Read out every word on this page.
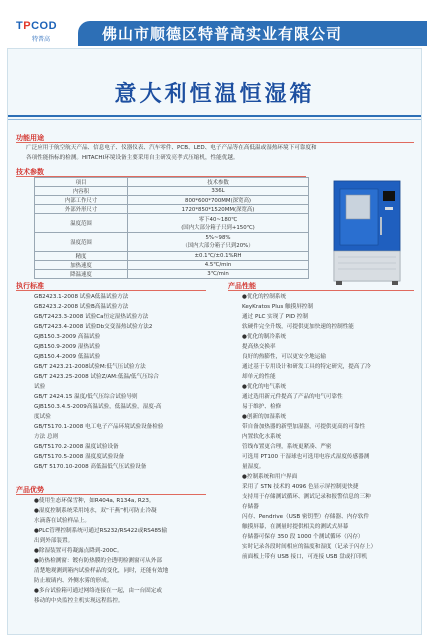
TPCOD
特普高	佛山市顺德区特普高实业有限公司
意大利恒温恒湿箱
功能用途
广泛应用于航空航天产品、信息电子、仪器仪表、汽车零件、PCB、LED、电子产品等在高低温或湿热环境下可靠度和
各项性能指标的检测。HITACHI环境设备主要采用自主研发亮孝式压缩机，性能优越。
技术参数
项目	技术参数
内容积	336L
内部工作尺寸	800*600*700MM(深宽高)
外部外形尺寸	1720*850*1520MM(深宽高)
温度范围	零下40~180℃
(国内大部分箱子只到+150℃)

湿度范围	5%~98%
（国内大部分箱子只到20%）

精度	±0.1℃/±0.1%RH
加热速度	4.5℃/min
降温速度	3℃/min
执行标准
GB2423.1-2008 试验A低温试验方法
GB2423.2-2008 试验B高温试验方法
GB/T2423.3-2008 试验Ca恒定湿热试验方法
GB/T2423.4-2008 试验Db交变湿热试验方法2
GJB150.3-2009 高温试验
GJB150.9-2009 湿热试验
GJB150.4-2009 低温试验
GB/T 2423.21-2008试验M:低气压试验方法
GB/T 2423.25-2008 试验Z/AM:低温/低气压综合
试验
GB/T 2424.15 温度/低气压综合试验导则
GJB150.3.4.5-2009高温试验，低温试验，湿度-高
度试验
GB/T5170.1-2008 电工电子产品环境试验设备检验
方法 总则
GB/T5170.2-2008 温度试验设备
GB/T5170.5-2008 湿度度试验设备
GB/T 5170.10-2008 高低温低气压试验设备
产品优势
●使用生态环保雪种，如R404a, R134a, R23。
●湿度控制系统采用纯水，双“干燕”机可防止冷凝
水滴落在试验样品上。
●PLC管理控制系统可通过RS232/RS422或RS485输
出到外部装置。
●除湿装置可将凝露点降到-200C。
●防热检测窗：镀有防热膜的全透明检测窗可从外部
清楚地观测到箱内试验样品的变化，同时，还能有效地
防止玻璃内、外侧水雾的形成。
●多台试验箱可通过网络连接在一起，由一台固定或
移动的中央监控主机实现远程监控。
产品性能
●优化的控制系统
KeyKratos Plus 触摸屏控制
通过 PLC 实现了 PID 控制
软硬件完全升级，可提供更加快速的控制性能
●优化的制冷系统
提高热交换率
良好的热膨性，可以更安全地运输
通过基于专用设计和研发工具的特定研究，提高了冷
却单元的性能
●优化的电气系统
通过选用新元件提高了产品的电气可靠性
易于维护、检修
●创新的加湿系统
带自备加热器的新型加湿器，可提供更高的可靠性
内置软化水系统
管线布置更合理，系统更紧凑、严密
可选用 PT100 干湿球也可选用电容式湿度传感器测
量湿度。
●控制系统和用户界面
采用了 STN 技术的 4096 色显示屏控制更快捷
支持用于存储测试循环、测试记录和报警信息的三种
存储器
闪存、Pendrive（USB 密钥型）存储器、内存软件
触摸屏幕，在测量时提供相关的测试式屏幕
存储器可保存 350 段 1000 个测试循环（闪存）
实时记录各段时间相应的温度和湿度（记录于闪存上）
前面板上带有 USB 接口，可连接 USB 盘或打印机
